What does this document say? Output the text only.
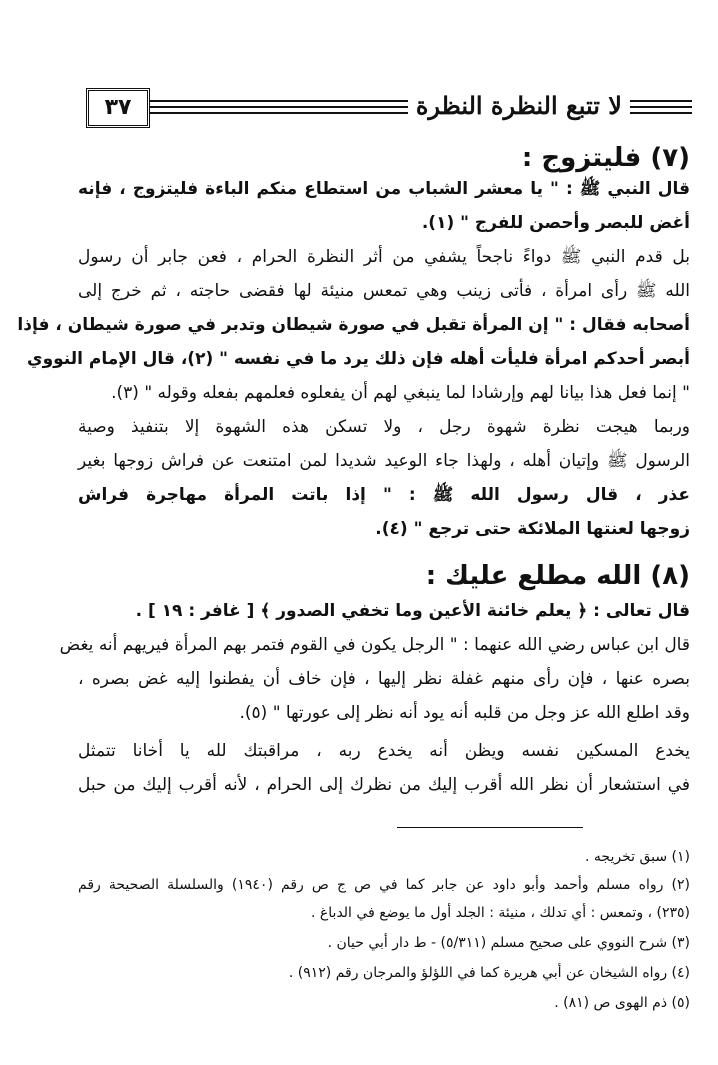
لا تتبع النظرة النظرة
٣٧
(٧) فليتزوج :
قال النبي ﷺ : " يا معشر الشباب من استطاع منكم الباءة فليتزوج ، فإنه
أغض للبصر وأحصن للفرج " (١).
بل قدم النبي ﷺ دواءً ناجحاً يشفي من أثر النظرة الحرام ، فعن جابر أن رسول
الله ﷺ رأى امرأة ، فأتى زينب وهي تمعس منيئة لها فقضى حاجته ، ثم خرج إلى
أصحابه فقال : " إن المرأة تقبل في صورة شيطان وتدبر في صورة شيطان ، فإذا
أبصر أحدكم امرأة فليأت أهله فإن ذلك يرد ما في نفسه " (٢)، قال الإمام النووي
" إنما فعل هذا بيانا لهم وإرشادا لما ينبغي لهم أن يفعلوه فعلمهم بفعله وقوله " (٣).
وربما هيجت نظرة شهوة رجل ، ولا تسكن هذه الشهوة إلا بتنفيذ وصية
الرسول ﷺ وإتيان أهله ، ولهذا جاء الوعيد شديدا لمن امتنعت عن فراش زوجها بغير
عذر ، قال رسول الله ﷺ : " إذا باتت المرأة مهاجرة فراش
زوجها لعنتها الملائكة حتى ترجع " (٤).
(٨) الله مطلع عليك :
قال تعالى : ﴿ يعلم خائنة الأعين وما تخفي الصدور ﴾ [ غافر : ١٩ ] .
قال ابن عباس رضي الله عنهما : " الرجل يكون في القوم فتمر بهم المرأة فيريهم أنه يغض
بصره عنها ، فإن رأى منهم غفلة نظر إليها ، فإن خاف أن يفطنوا إليه غض بصره ،
وقد اطلع الله عز وجل من قلبه أنه يود أنه نظر إلى عورتها " (٥).
يخدع المسكين نفسه ويظن أنه يخدع ربه ، مراقبتك لله يا أخانا تتمثل
في استشعار أن نظر الله أقرب إليك من نظرك إلى الحرام ، لأنه أقرب إليك من حبل
(١) سبق تخريجه .
(٢) رواه مسلم وأحمد وأبو داود عن جابر كما في ص ج ص رقم (١٩٤٠) والسلسلة الصحيحة رقم
(٢٣٥) ، وتمعس : أي تدلك ، منيئة : الجلد أول ما يوضع في الدباغ .
(٣) شرح النووي على صحيح مسلم (٥/٣١١) - ط دار أبي حيان .
(٤) رواه الشيخان عن أبي هريرة كما في اللؤلؤ والمرجان رقم (٩١٢) .
(٥) ذم الهوى ص (٨١) .
